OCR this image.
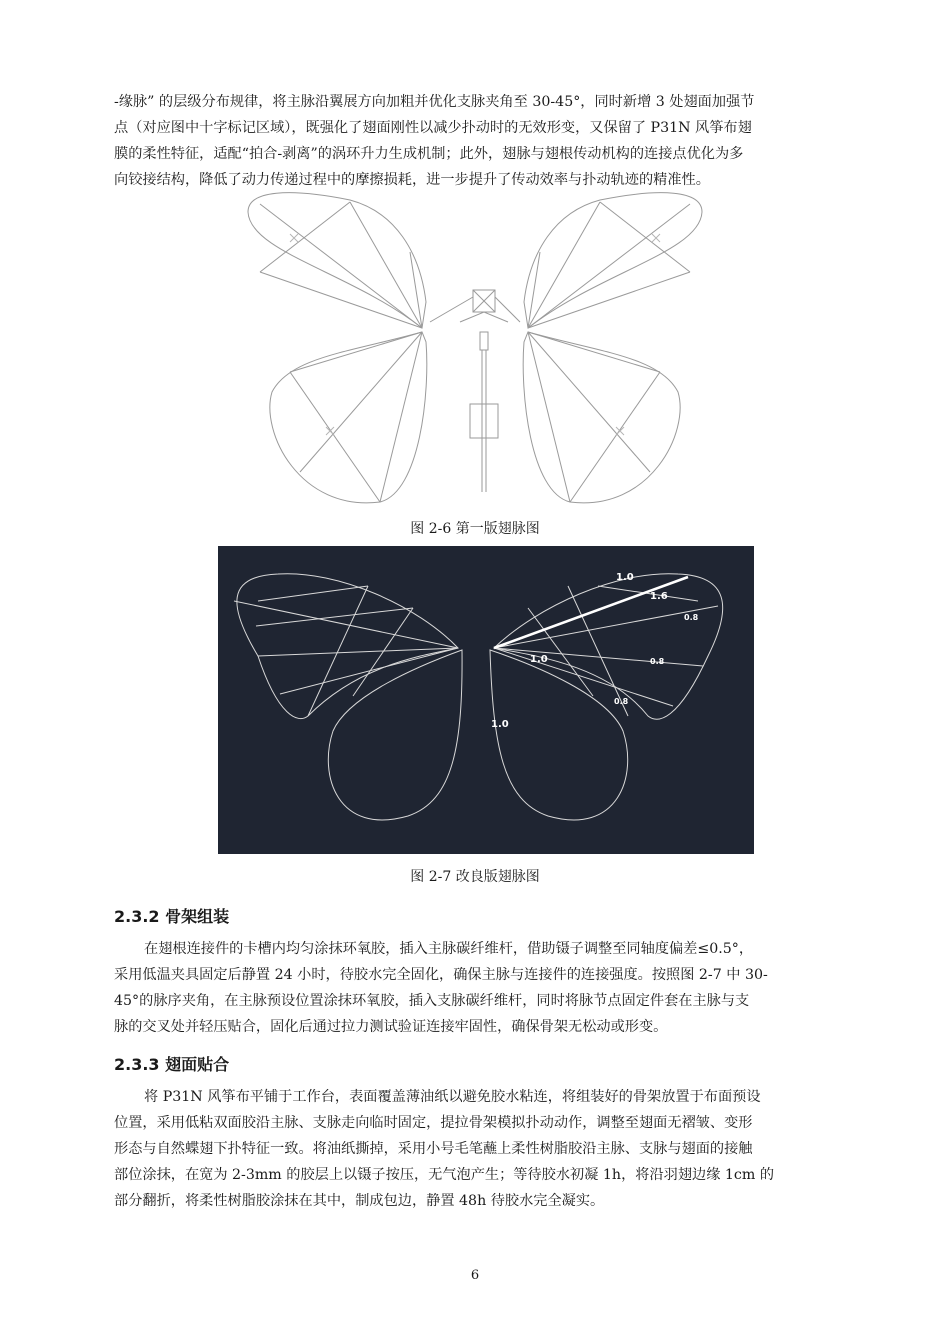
-缘脉” 的层级分布规律，将主脉沿翼展方向加粗并优化支脉夹角至 30-45°，同时新增 3 处翅面加强节
点（对应图中十字标记区域），既强化了翅面刚性以减少扑动时的无效形变，又保留了 P31N 风筝布翅
膜的柔性特征，适配“拍合-剥离”的涡环升力生成机制；此外，翅脉与翅根传动机构的连接点优化为多
向铰接结构，降低了动力传递过程中的摩擦损耗，进一步提升了传动效率与扑动轨迹的精准性。

图 2-6 第一版翅脉图

1.0
1.6
0.8
1.0	0.8
0.8
1.0

图 2-7 改良版翅脉图

2.3.2 骨架组装

在翅根连接件的卡槽内均匀涂抹环氧胶，插入主脉碳纤维杆，借助镊子调整至同轴度偏差≤0.5°，
采用低温夹具固定后静置 24 小时，待胶水完全固化，确保主脉与连接件的连接强度。按照图 2-7 中 30-
45°的脉序夹角，在主脉预设位置涂抹环氧胶，插入支脉碳纤维杆，同时将脉节点固定件套在主脉与支
脉的交叉处并轻压贴合，固化后通过拉力测试验证连接牢固性，确保骨架无松动或形变。

2.3.3 翅面贴合

将 P31N 风筝布平铺于工作台，表面覆盖薄油纸以避免胶水粘连，将组装好的骨架放置于布面预设
位置，采用低粘双面胶沿主脉、支脉走向临时固定，提拉骨架模拟扑动动作，调整至翅面无褶皱、变形
形态与自然蝶翅下扑特征一致。将油纸撕掉，采用小号毛笔蘸上柔性树脂胶沿主脉、支脉与翅面的接触
部位涂抹，在宽为 2-3mm 的胶层上以镊子按压，无气泡产生；等待胶水初凝 1h，将沿羽翅边缘 1cm 的
部分翻折，将柔性树脂胶涂抹在其中，制成包边，静置 48h 待胶水完全凝实。
6
